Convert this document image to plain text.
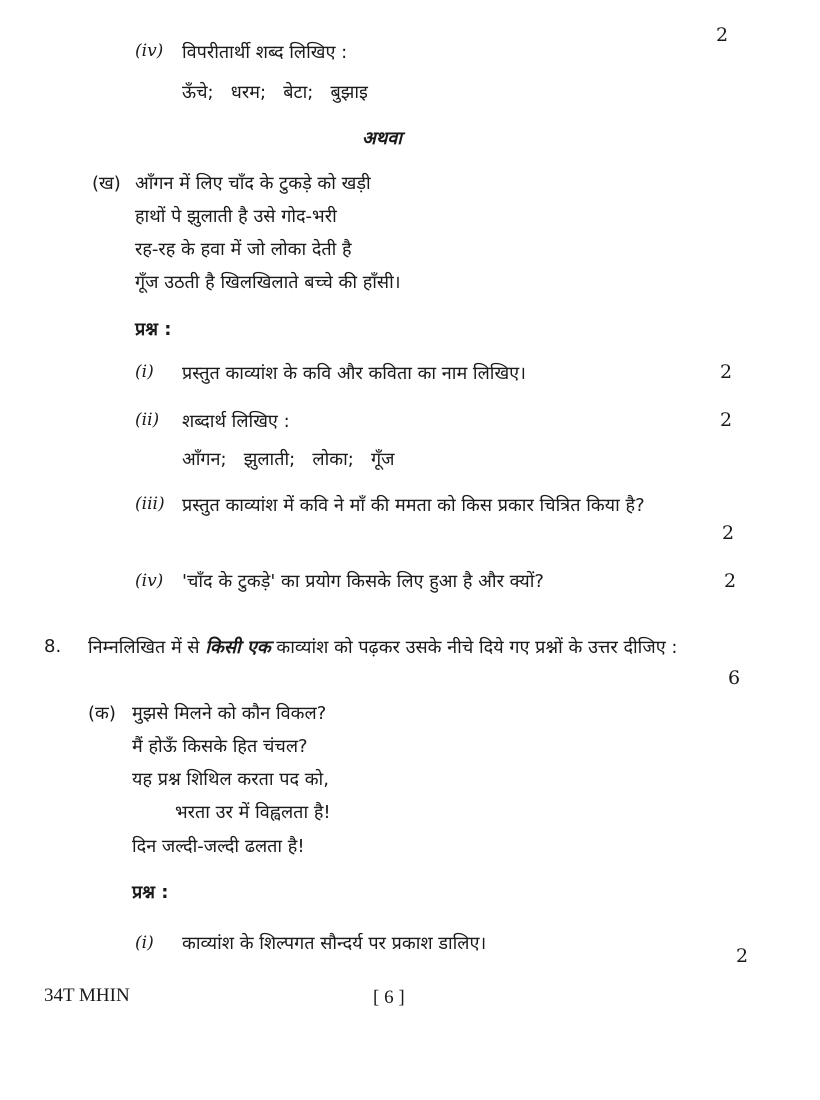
2
(iv) विपरीतार्थी शब्द लिखिए :
ऊँचे;   धरम;   बेटा;   बुझाइ
अथवा
(ख) आँगन में लिए चाँद के टुकड़े को खड़ी
हाथों पे झुलाती है उसे गोद-भरी
रह-रह के हवा में जो लोका देती है
गूँज उठती है खिलखिलाते बच्चे की हाँसी।
प्रश्न :
(i) प्रस्तुत काव्यांश के कवि और कविता का नाम लिखिए।	2
(ii) शब्दार्थ लिखिए :	2
आँगन;   झुलाती;   लोका;   गूँज
(iii) प्रस्तुत काव्यांश में कवि ने माँ की ममता को किस प्रकार चित्रित किया है?
2
(iv) 'चाँद के टुकड़े' का प्रयोग किसके लिए हुआ है और क्यों?	2
8. निम्नलिखित में से किसी एक काव्यांश को पढ़कर उसके नीचे दिये गए प्रश्नों के उत्तर दीजिए :
6
(क) मुझसे मिलने को कौन विकल?
मैं होऊँ किसके हित चंचल?
यह प्रश्न शिथिल करता पद को,
भरता उर में विह्वलता है!
दिन जल्दी-जल्दी ढलता है!
प्रश्न :
(i) काव्यांश के शिल्पगत सौन्दर्य पर प्रकाश डालिए।
2
34T MHIN	[ 6 ]
